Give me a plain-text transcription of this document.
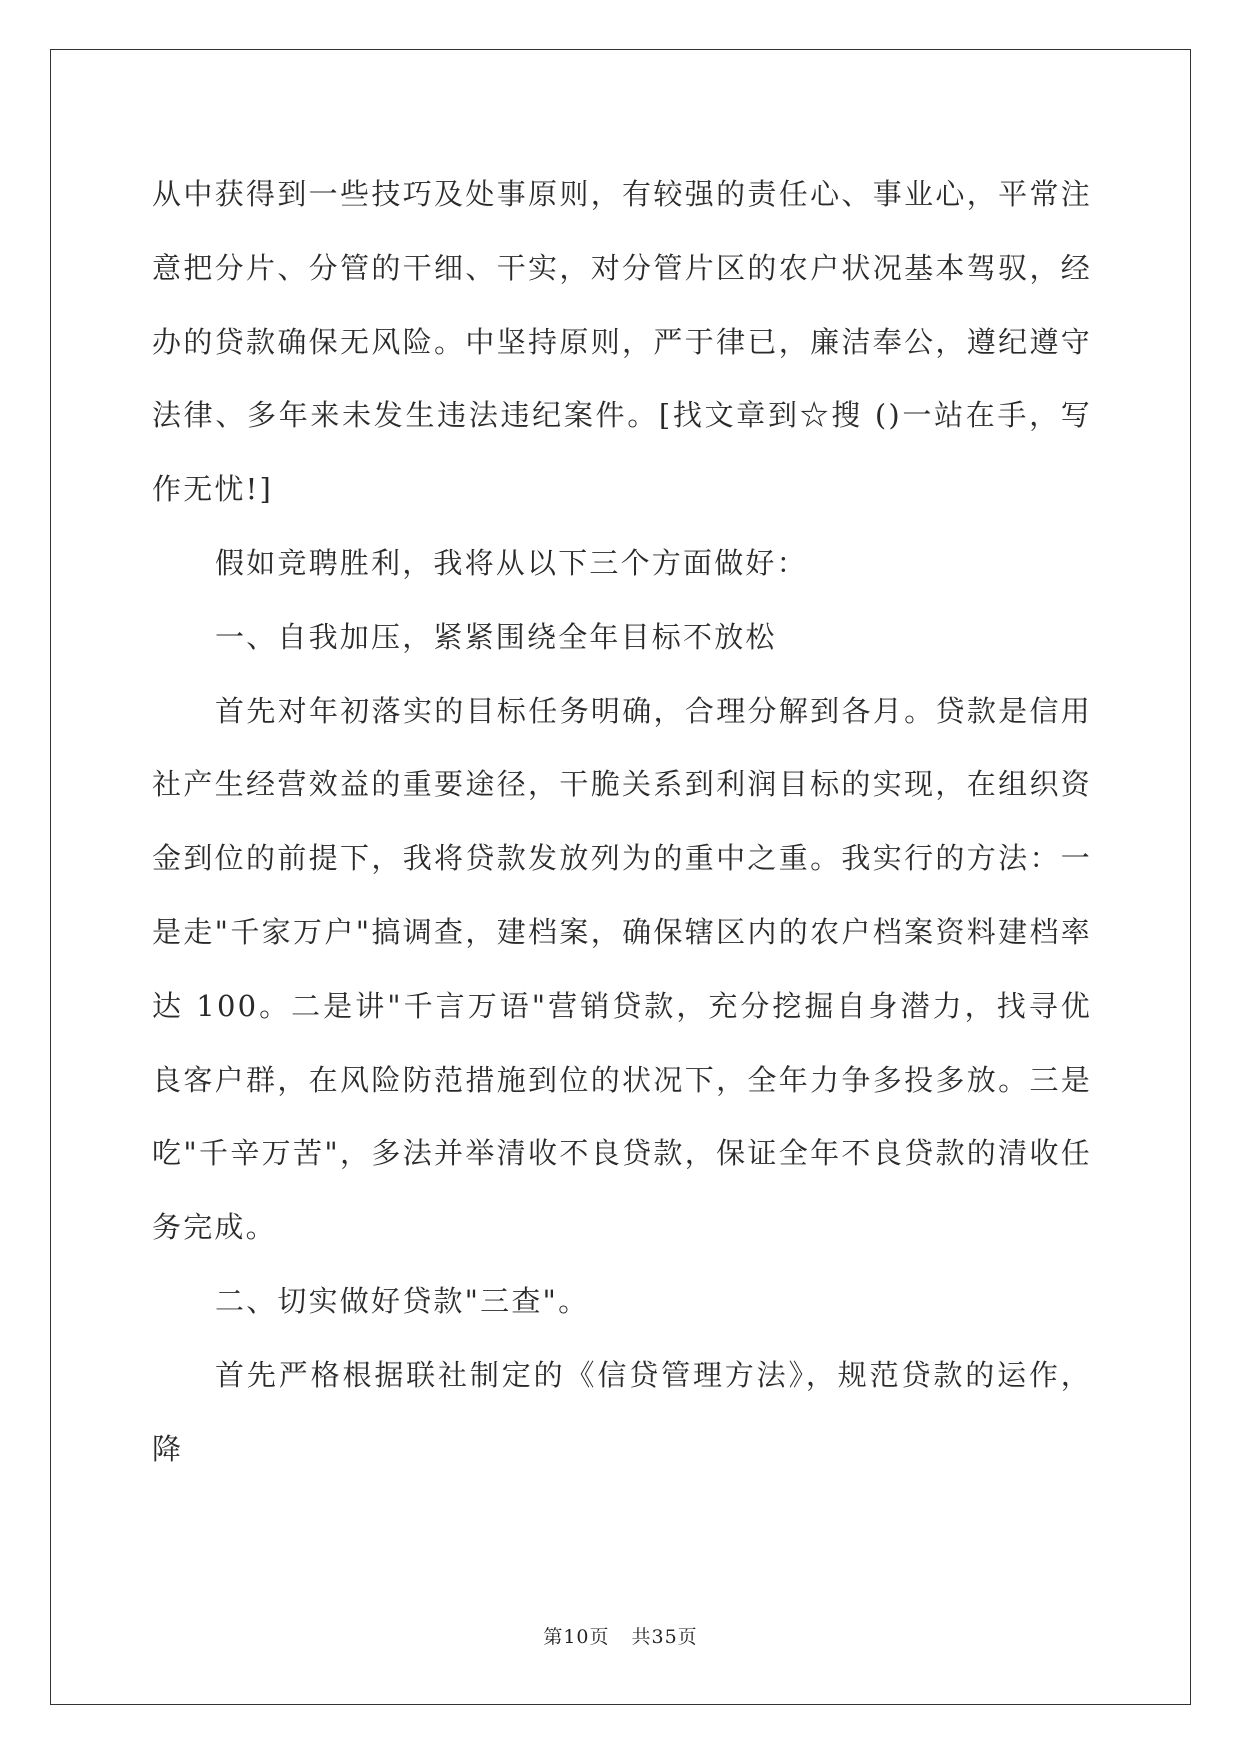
从中获得到一些技巧及处事原则，有较强的责任心、事业心，平常注意把分片、分管的干细、干实，对分管片区的农户状况基本驾驭，经办的贷款确保无风险。中坚持原则，严于律已，廉洁奉公，遵纪遵守法律、多年来未发生违法违纪案件。[找文章到☆搜 ()一站在手，写作无忧!]

假如竞聘胜利，我将从以下三个方面做好：

一、自我加压，紧紧围绕全年目标不放松

首先对年初落实的目标任务明确，合理分解到各月。贷款是信用社产生经营效益的重要途径，干脆关系到利润目标的实现，在组织资金到位的前提下，我将贷款发放列为的重中之重。我实行的方法：一是走"千家万户"搞调查，建档案，确保辖区内的农户档案资料建档率达 100。二是讲"千言万语"营销贷款，充分挖掘自身潜力，找寻优良客户群，在风险防范措施到位的状况下，全年力争多投多放。三是吃"千辛万苦"，多法并举清收不良贷款，保证全年不良贷款的清收任务完成。

二、切实做好贷款"三查"。

首先严格根据联社制定的《信贷管理方法》，规范贷款的运作，降

第10页 共35页
